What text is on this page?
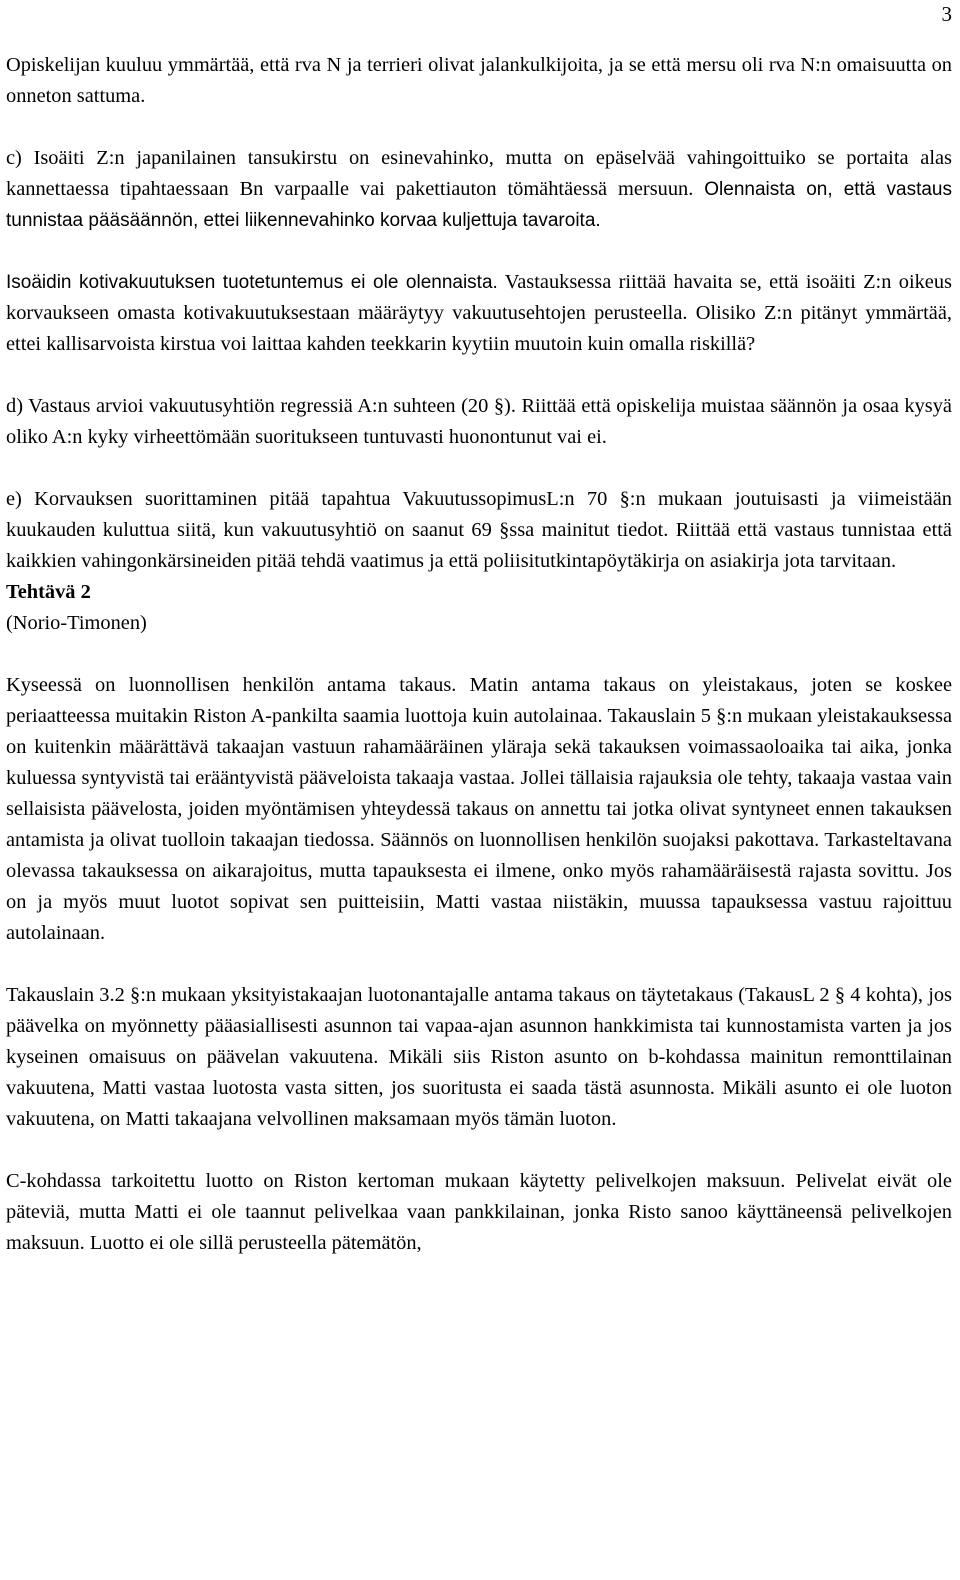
3

Opiskelijan kuuluu ymmärtää, että rva N ja terrieri olivat jalankulkijoita, ja se että mersu oli rva N:n omaisuutta on onneton sattuma.

c) Isoäiti Z:n japanilainen tansukirstu on esinevahinko, mutta on epäselvää vahingoittuiko se portaita alas kannettaessa tipahtaessaan Bn varpaalle vai pakettiauton tömähtäessä mersuun. Olennaista on, että vastaus tunnistaa pääsäännön, ettei liikennevahinko korvaa kuljettuja tavaroita.

Isoäidin kotivakuutuksen tuotetuntemus ei ole olennaista. Vastauksessa riittää havaita se, että isoäiti Z:n oikeus korvaukseen omasta kotivakuutuksestaan määräytyy vakuutusehtojen perusteella. Olisiko Z:n pitänyt ymmärtää, ettei kallisarvoista kirstua voi laittaa kahden teekkarin kyytiin muutoin kuin omalla riskillä?

d) Vastaus arvioi vakuutusyhtiön regressiä A:n suhteen (20 §). Riittää että opiskelija muistaa säännön ja osaa kysyä oliko A:n kyky virheettömään suoritukseen tuntuvasti huonontunut vai ei.

e) Korvauksen suorittaminen pitää tapahtua VakuutussopimusL:n 70 §:n mukaan joutuisasti ja viimeistään kuukauden kuluttua siitä, kun vakuutusyhtiö on saanut 69 §ssa mainitut tiedot. Riittää että vastaus tunnistaa että kaikkien vahingonkärsineiden pitää tehdä vaatimus ja että poliisitutkintapöytäkirja on asiakirja jota tarvitaan.

Tehtävä 2
(Norio-Timonen)

Kyseessä on luonnollisen henkilön antama takaus. Matin antama takaus on yleistakaus, joten se koskee periaatteessa muitakin Riston A-pankilta saamia luottoja kuin autolainaa. Takauslain 5 §:n mukaan yleistakauksessa on kuitenkin määrättävä takaajan vastuun rahamääräinen yläraja sekä takauksen voimassaoloaika tai aika, jonka kuluessa syntyvistä tai erääntyvistä pääveloista takaaja vastaa. Jollei tällaisia rajauksia ole tehty, takaaja vastaa vain sellaisista päävelosta, joiden myöntämisen yhteydessä takaus on annettu tai jotka olivat syntyneet ennen takauksen antamista ja olivat tuolloin takaajan tiedossa. Säännös on luonnollisen henkilön suojaksi pakottava. Tarkasteltavana olevassa takauksessa on aikarajoitus, mutta tapauksesta ei ilmene, onko myös rahamääräisestä rajasta sovittu. Jos on ja myös muut luotot sopivat sen puitteisiin, Matti vastaa niistäkin, muussa tapauksessa vastuu rajoittuu autolainaan.

Takauslain 3.2 §:n mukaan yksityistakaajan luotonantajalle antama takaus on täytetakaus (TakausL 2 § 4 kohta), jos päävelka on myönnetty pääasiallisesti asunnon tai vapaa-ajan asunnon hankkimista tai kunnostamista varten ja jos kyseinen omaisuus on päävelan vakuutena. Mikäli siis Riston asunto on b-kohdassa mainitun remonttilainan vakuutena, Matti vastaa luotosta vasta sitten, jos suoritusta ei saada tästä asunnosta. Mikäli asunto ei ole luoton vakuutena, on Matti takaajana velvollinen maksamaan myös tämän luoton.

C-kohdassa tarkoitettu luotto on Riston kertoman mukaan käytetty pelivelkojen maksuun. Pelivelat eivät ole päteviä, mutta Matti ei ole taannut pelivelkaa vaan pankkilainan, jonka Risto sanoo käyttäneensä pelivelkojen maksuun. Luotto ei ole sillä perusteella pätemätön,
